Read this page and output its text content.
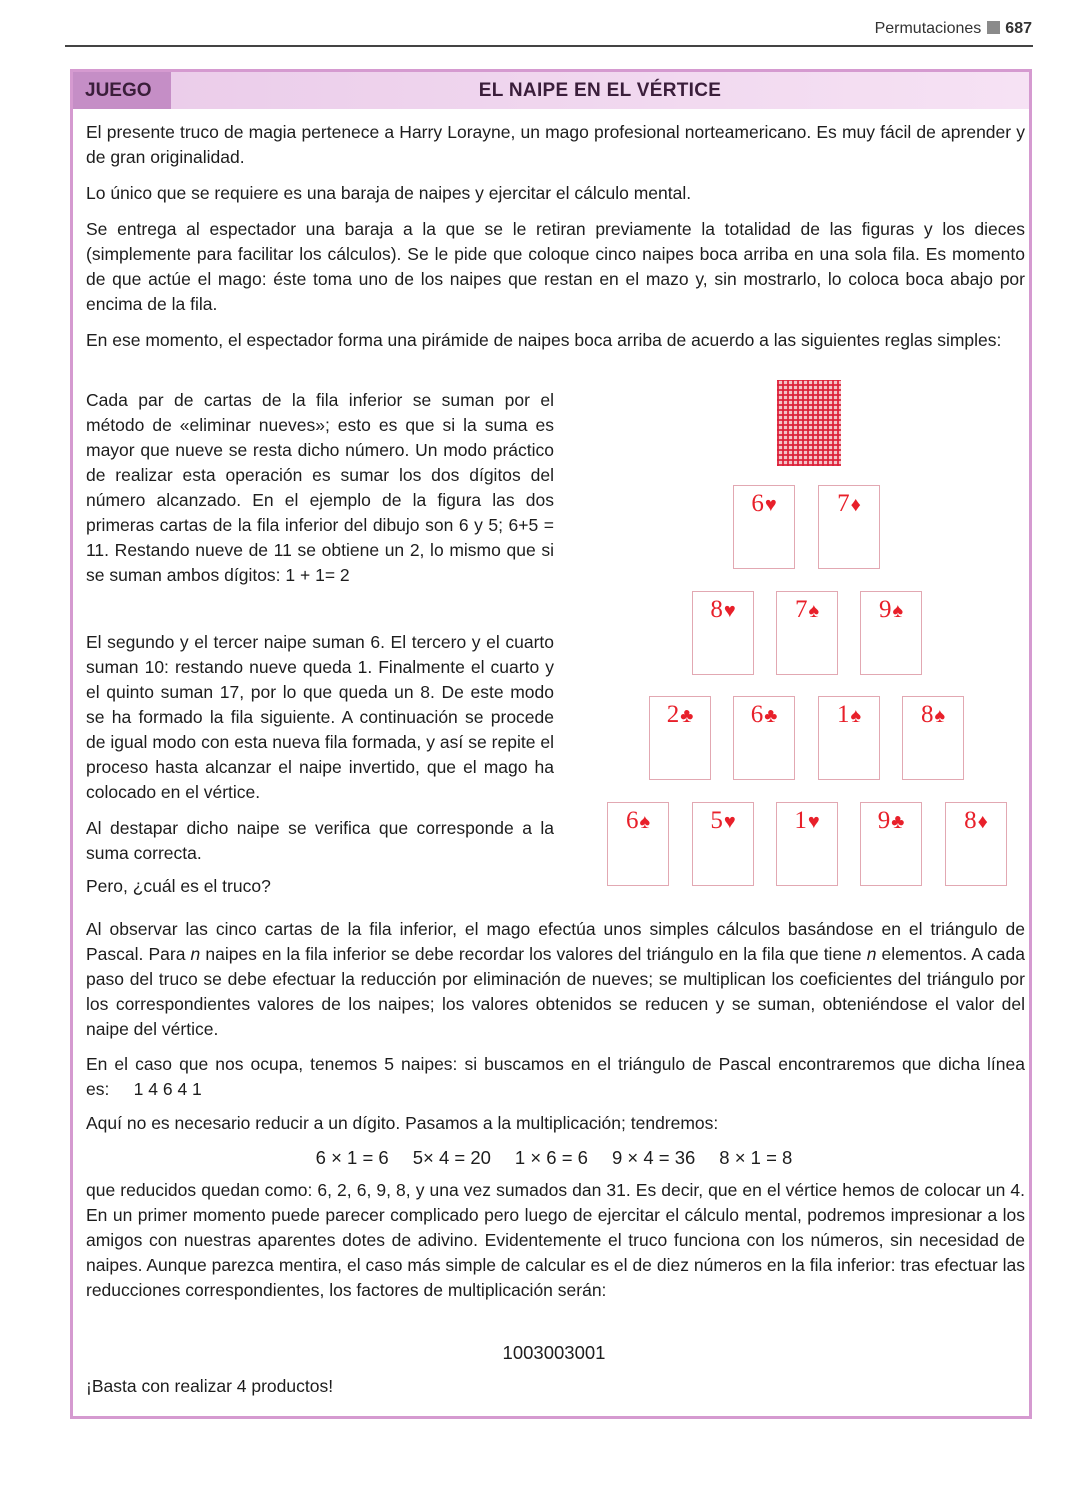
Permutaciones 687
JUEGO	EL NAIPE EN EL VÉRTICE

El presente truco de magia pertenece a Harry Lorayne, un mago profesional norteamericano. Es muy fácil de aprender y de gran originalidad.

Lo único que se requiere es una baraja de naipes y ejercitar el cálculo mental.

Se entrega al espectador una baraja a la que se le retiran previamente la totalidad de las figuras y los dieces (simplemente para facilitar los cálculos). Se le pide que coloque cinco naipes boca arriba en una sola fila. Es momento de que actúe el mago: éste toma uno de los naipes que restan en el mazo y, sin mostrarlo, lo coloca boca abajo por encima de la fila.

En ese momento, el espectador forma una pirámide de naipes boca arriba de acuerdo a las siguientes reglas simples:

Cada par de cartas de la fila inferior se suman por el método de «eliminar nueves»; esto es que si la suma es mayor que nueve se resta dicho número. Un modo práctico de realizar esta operación es sumar los dos dígitos del número alcanzado. En el ejemplo de la figura las dos primeras cartas de la fila inferior del dibujo son 6 y 5; 6+5 = 11. Restando nueve de 11 se obtiene un 2, lo mismo que si se suman ambos dígitos: 1 + 1= 2

El segundo y el tercer naipe suman 6. El tercero y el cuarto suman 10: restando nueve queda 1. Finalmente el cuarto y el quinto suman 17, por lo que queda un 8. De este modo se ha formado la fila siguiente. A continuación se procede de igual modo con esta nueva fila formada, y así se repite el proceso hasta alcanzar el naipe invertido, que el mago ha colocado en el vértice.

Al destapar dicho naipe se verifica que corresponde a la suma correcta.

Pero, ¿cuál es el truco?

6♥	7♦
8♥	7♠	9♠
2♣	6♣	1♠	8♠
6♠	5♥	1♥	9♣	8♦

Al observar las cinco cartas de la fila inferior, el mago efectúa unos simples cálculos basándose en el triángulo de Pascal. Para n naipes en la fila inferior se debe recordar los valores del triángulo en la fila que tiene n elementos. A cada paso del truco se debe efectuar la reducción por eliminación de nueves; se multiplican los coeficientes del triángulo por los correspondientes valores de los naipes; los valores obtenidos se reducen y se suman, obteniéndose el valor del naipe del vértice.

En el caso que nos ocupa, tenemos 5 naipes: si buscamos en el triángulo de Pascal encontraremos que dicha línea es: 1 4 6 4 1

Aquí no es necesario reducir a un dígito. Pasamos a la multiplicación; tendremos:

6 × 1 = 6 5× 4 = 20 1 × 6 = 6 9 × 4 = 36 8 × 1 = 8

que reducidos quedan como: 6, 2, 6, 9, 8, y una vez sumados dan 31. Es decir, que en el vértice hemos de colocar un 4. En un primer momento puede parecer complicado pero luego de ejercitar el cálculo mental, podremos impresionar a los amigos con nuestras aparentes dotes de adivino. Evidentemente el truco funciona con los números, sin necesidad de naipes. Aunque parezca mentira, el caso más simple de calcular es el de diez números en la fila inferior: tras efectuar las reducciones correspondientes, los factores de multiplicación serán:

1003003001

¡Basta con realizar 4 productos!
